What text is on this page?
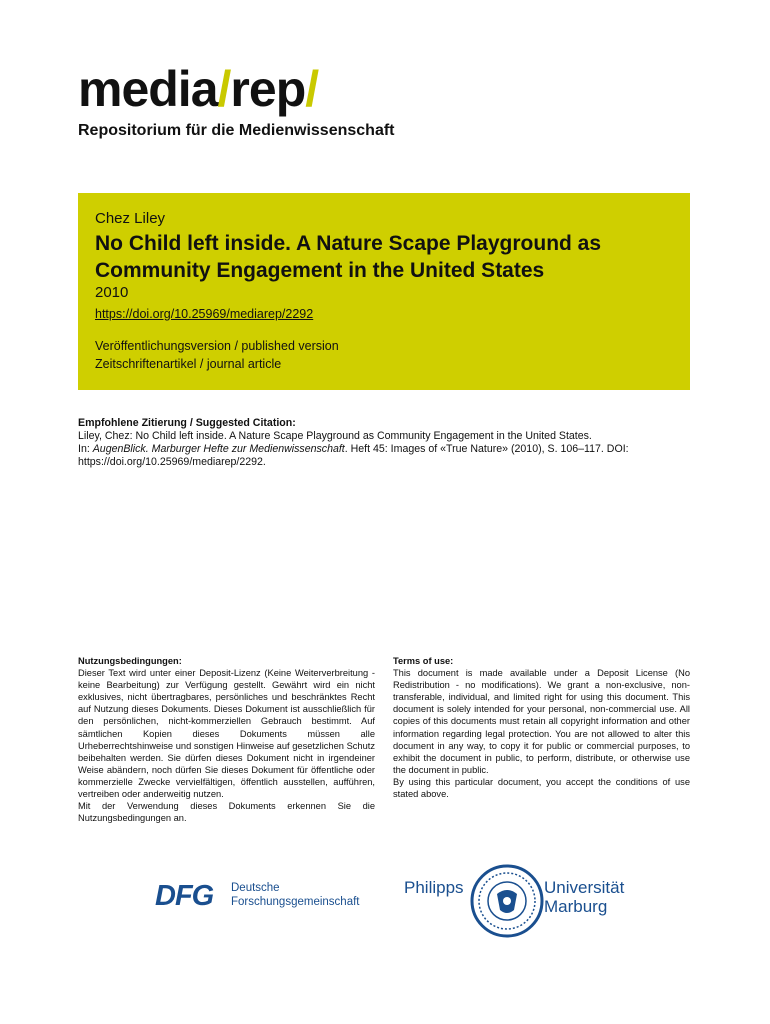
media/rep/
Repositorium für die Medienwissenschaft
Chez Liley
No Child left inside. A Nature Scape Playground as Community Engagement in the United States
2010
https://doi.org/10.25969/mediarep/2292
Veröffentlichungsversion / published version
Zeitschriftenartikel / journal article
Empfohlene Zitierung / Suggested Citation:
Liley, Chez: No Child left inside. A Nature Scape Playground as Community Engagement in the United States.
In: AugenBlick. Marburger Hefte zur Medienwissenschaft. Heft 45: Images of «True Nature» (2010), S. 106–117. DOI: https://doi.org/10.25969/mediarep/2292.
Nutzungsbedingungen:
Dieser Text wird unter einer Deposit-Lizenz (Keine Weiterverbreitung - keine Bearbeitung) zur Verfügung gestellt. Gewährt wird ein nicht exklusives, nicht übertragbares, persönliches und beschränktes Recht auf Nutzung dieses Dokuments. Dieses Dokument ist ausschließlich für den persönlichen, nicht-kommerziellen Gebrauch bestimmt. Auf sämtlichen Kopien dieses Dokuments müssen alle Urheberrechtshinweise und sonstigen Hinweise auf gesetzlichen Schutz beibehalten werden. Sie dürfen dieses Dokument nicht in irgendeiner Weise abändern, noch dürfen Sie dieses Dokument für öffentliche oder kommerzielle Zwecke vervielfältigen, öffentlich ausstellen, aufführen, vertreiben oder anderweitig nutzen.
Mit der Verwendung dieses Dokuments erkennen Sie die Nutzungsbedingungen an.
Terms of use:
This document is made available under a Deposit License (No Redistribution - no modifications). We grant a non-exclusive, non-transferable, individual, and limited right for using this document. This document is solely intended for your personal, non-commercial use. All copies of this documents must retain all copyright information and other information regarding legal protection. You are not allowed to alter this document in any way, to copy it for public or commercial purposes, to exhibit the document in public, to perform, distribute, or otherwise use the document in public.
By using this particular document, you accept the conditions of use stated above.
DFG Deutsche
Forschungsgemeinschaft
Philipps	Universität
Marburg
